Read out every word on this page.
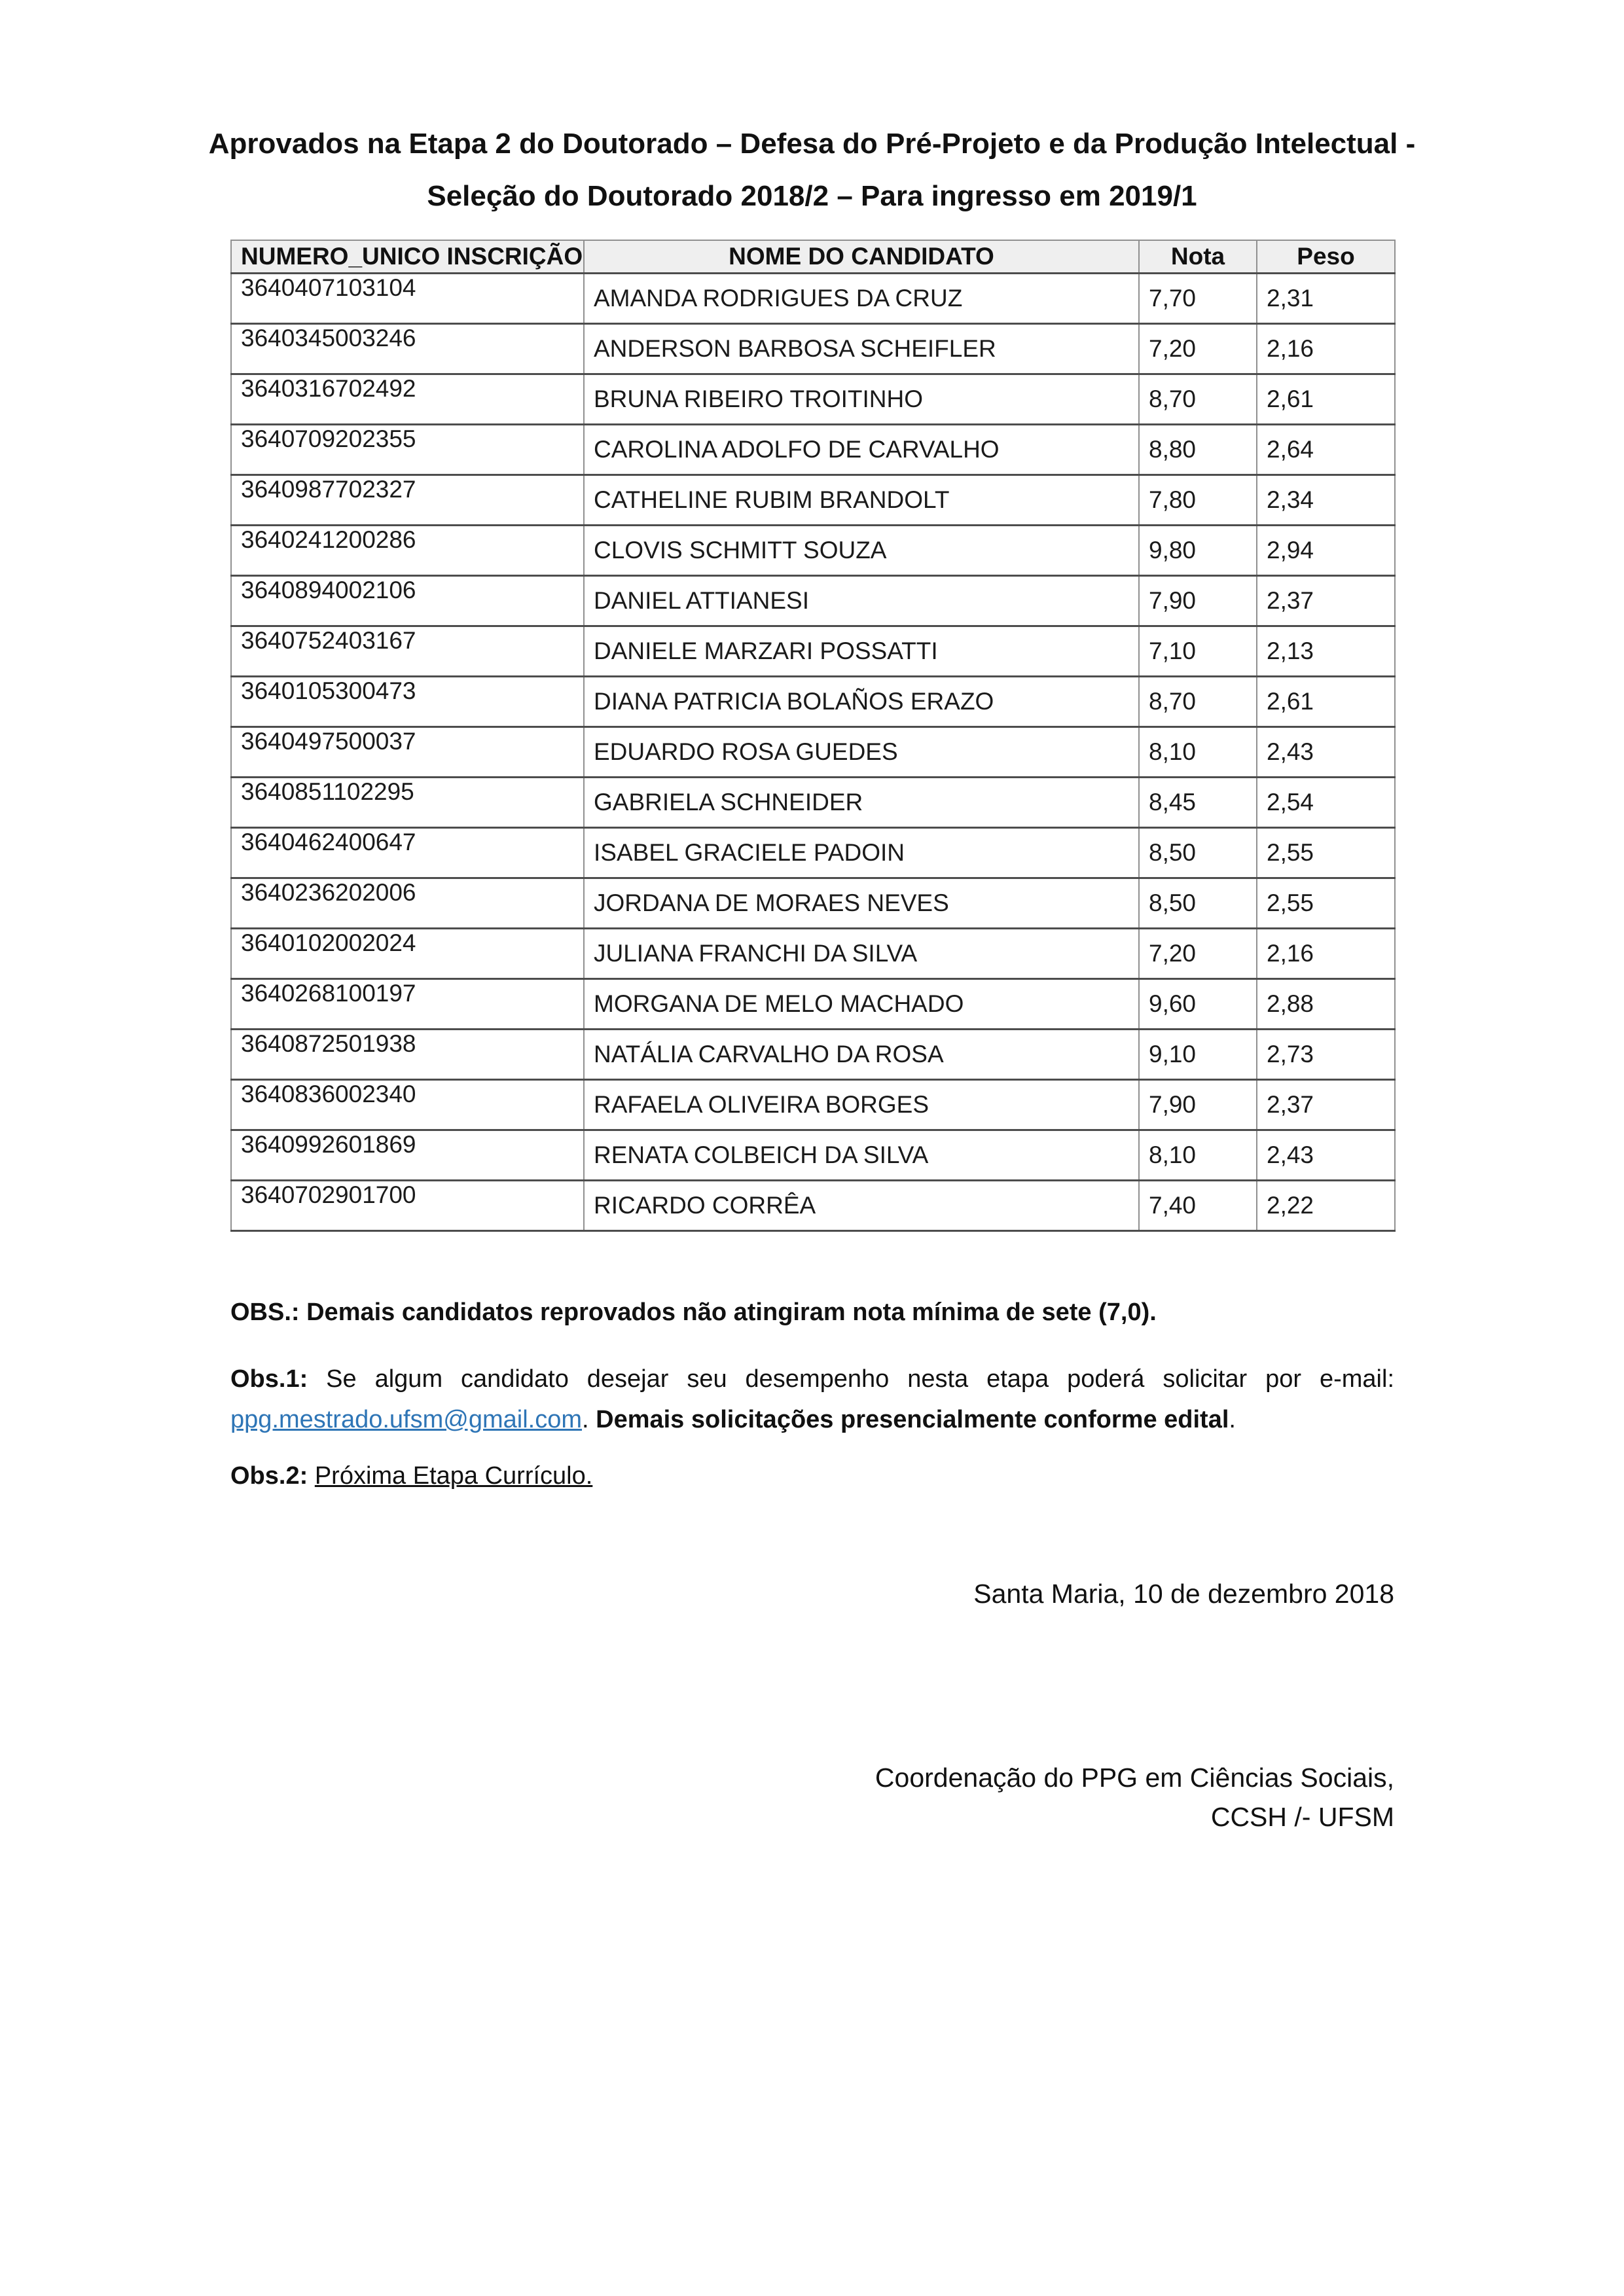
Aprovados na Etapa 2 do Doutorado – Defesa do Pré-Projeto e da Produção Intelectual -
Seleção do Doutorado 2018/2 – Para ingresso em 2019/1
NUMERO_UNICO INSCRIÇÃO	NOME DO CANDIDATO	Nota	Peso
3640407103104	AMANDA RODRIGUES DA CRUZ	7,70	2,31
3640345003246	ANDERSON BARBOSA SCHEIFLER	7,20	2,16
3640316702492	BRUNA RIBEIRO TROITINHO	8,70	2,61
3640709202355	CAROLINA ADOLFO DE CARVALHO	8,80	2,64
3640987702327	CATHELINE RUBIM BRANDOLT	7,80	2,34
3640241200286	CLOVIS SCHMITT SOUZA	9,80	2,94
3640894002106	DANIEL ATTIANESI	7,90	2,37
3640752403167	DANIELE MARZARI POSSATTI	7,10	2,13
3640105300473	DIANA PATRICIA BOLAÑOS ERAZO	8,70	2,61
3640497500037	EDUARDO ROSA GUEDES	8,10	2,43
3640851102295	GABRIELA SCHNEIDER	8,45	2,54
3640462400647	ISABEL GRACIELE PADOIN	8,50	2,55
3640236202006	JORDANA DE MORAES NEVES	8,50	2,55
3640102002024	JULIANA FRANCHI DA SILVA	7,20	2,16
3640268100197	MORGANA DE MELO MACHADO	9,60	2,88
3640872501938	NATÁLIA CARVALHO DA ROSA	9,10	2,73
3640836002340	RAFAELA OLIVEIRA BORGES	7,90	2,37
3640992601869	RENATA COLBEICH DA SILVA	8,10	2,43
3640702901700	RICARDO CORRÊA	7,40	2,22
OBS.: Demais candidatos reprovados não atingiram nota mínima de sete (7,0).
Obs.1: Se algum candidato desejar seu desempenho nesta etapa poderá solicitar por e-mail: ppg.mestrado.ufsm@gmail.com. Demais solicitações presencialmente conforme edital.
Obs.2: Próxima Etapa Currículo.
Santa Maria, 10 de dezembro 2018
Coordenação do PPG em Ciências Sociais,
CCSH /- UFSM
